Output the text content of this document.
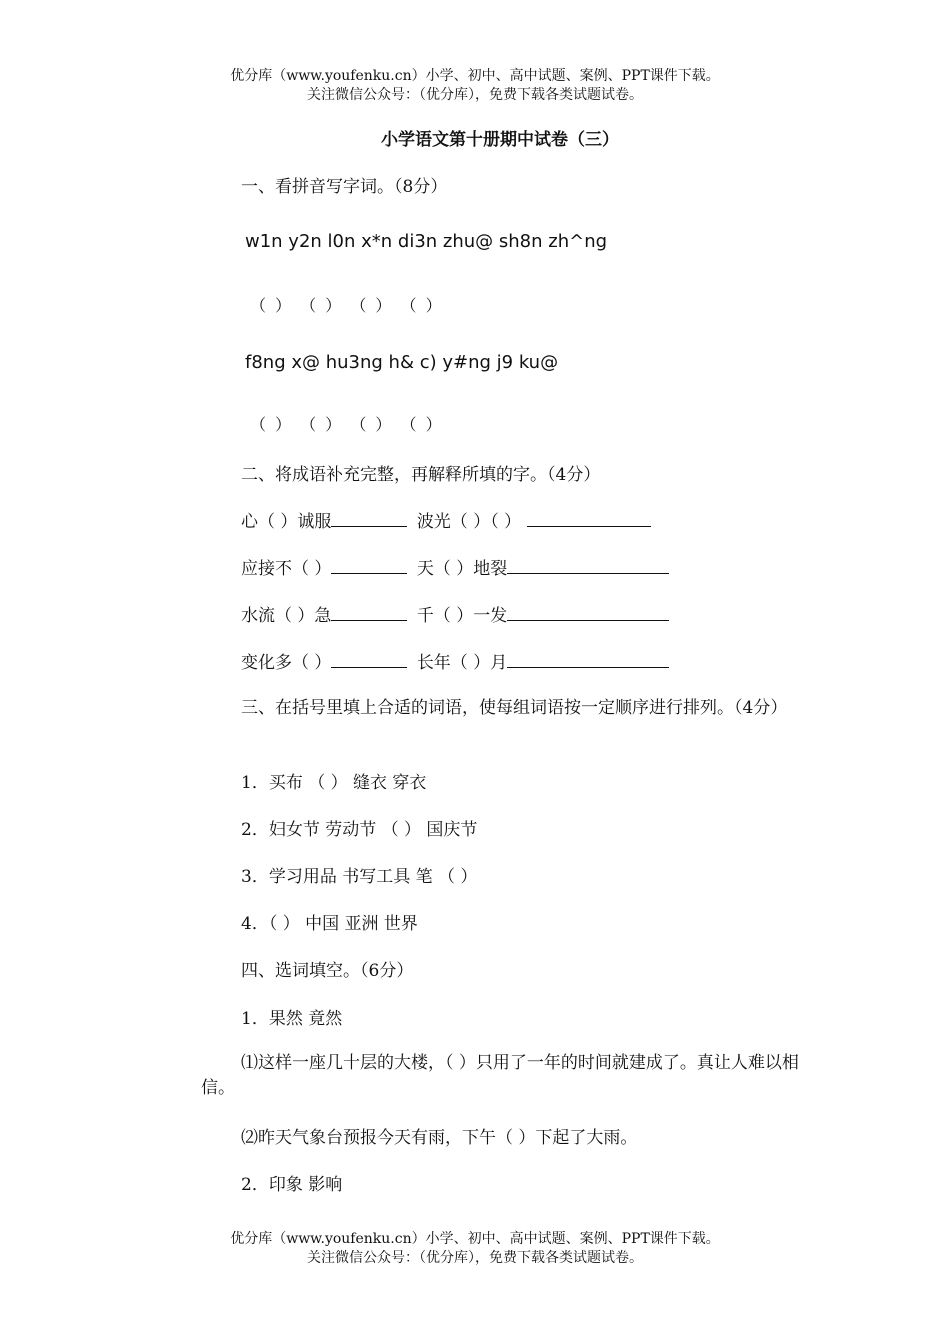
优分库（www.youfenku.cn）小学、初中、高中试题、案例、PPT课件下载。
关注微信公众号：（优分库），免费下载各类试题试卷。
小学语文第十册期中试卷（三）
一、看拼音写字词。（8分）
w1n y2n l0n x*n di3n zhu@ sh8n zh^ng
（ ） （ ） （ ） （ ）
f8ng x@ hu3ng h& c) y#ng j9 ku@
（ ） （ ） （ ） （ ）
二、将成语补充完整，再解释所填的字。（4分）
心（ ）诚服	波光（ ）（ ）
应接不（ ）	天（ ）地裂
水流（ ）急	千（ ）一发
变化多（ ）	长年（ ）月
三、在括号里填上合适的词语，使每组词语按一定顺序进行排列。（4分）
1．买布 （ ） 缝衣 穿衣
2．妇女节 劳动节 （ ） 国庆节
3．学习用品 书写工具 笔 （ ）
4．（ ） 中国 亚洲 世界
四、选词填空。（6分）
1．果然 竟然
⑴这样一座几十层的大楼，（ ）只用了一年的时间就建成了。真让人难以相信。
⑵昨天气象台预报今天有雨，下午（ ）下起了大雨。
2．印象 影响
优分库（www.youfenku.cn）小学、初中、高中试题、案例、PPT课件下载。
关注微信公众号：（优分库），免费下载各类试题试卷。
